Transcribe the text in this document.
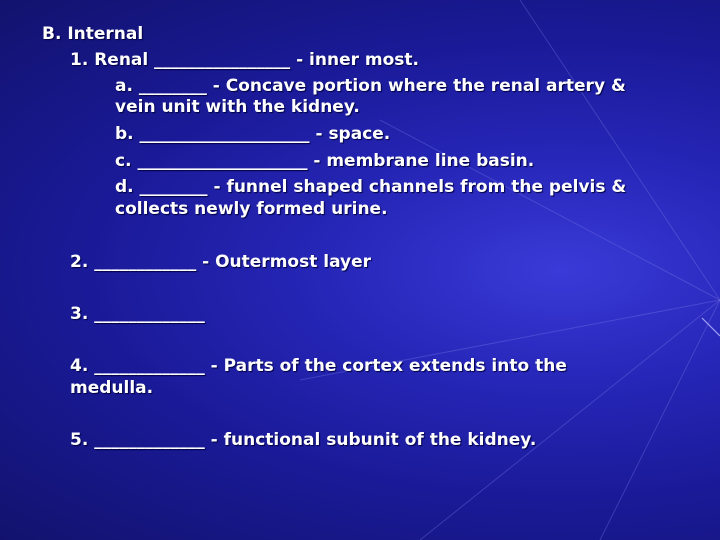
B. Internal
1. Renal ________________ - inner most.
a. ________ - Concave portion where the renal artery &
vein unit with the kidney.
b. ____________________ - space.
c. ____________________ - membrane line basin.
d. ________ - funnel shaped channels from the pelvis &
collects newly formed urine.
2. ____________ - Outermost layer
3. _____________
4. _____________ - Parts of the cortex extends into the
medulla.
5. _____________ - functional subunit of the kidney.
